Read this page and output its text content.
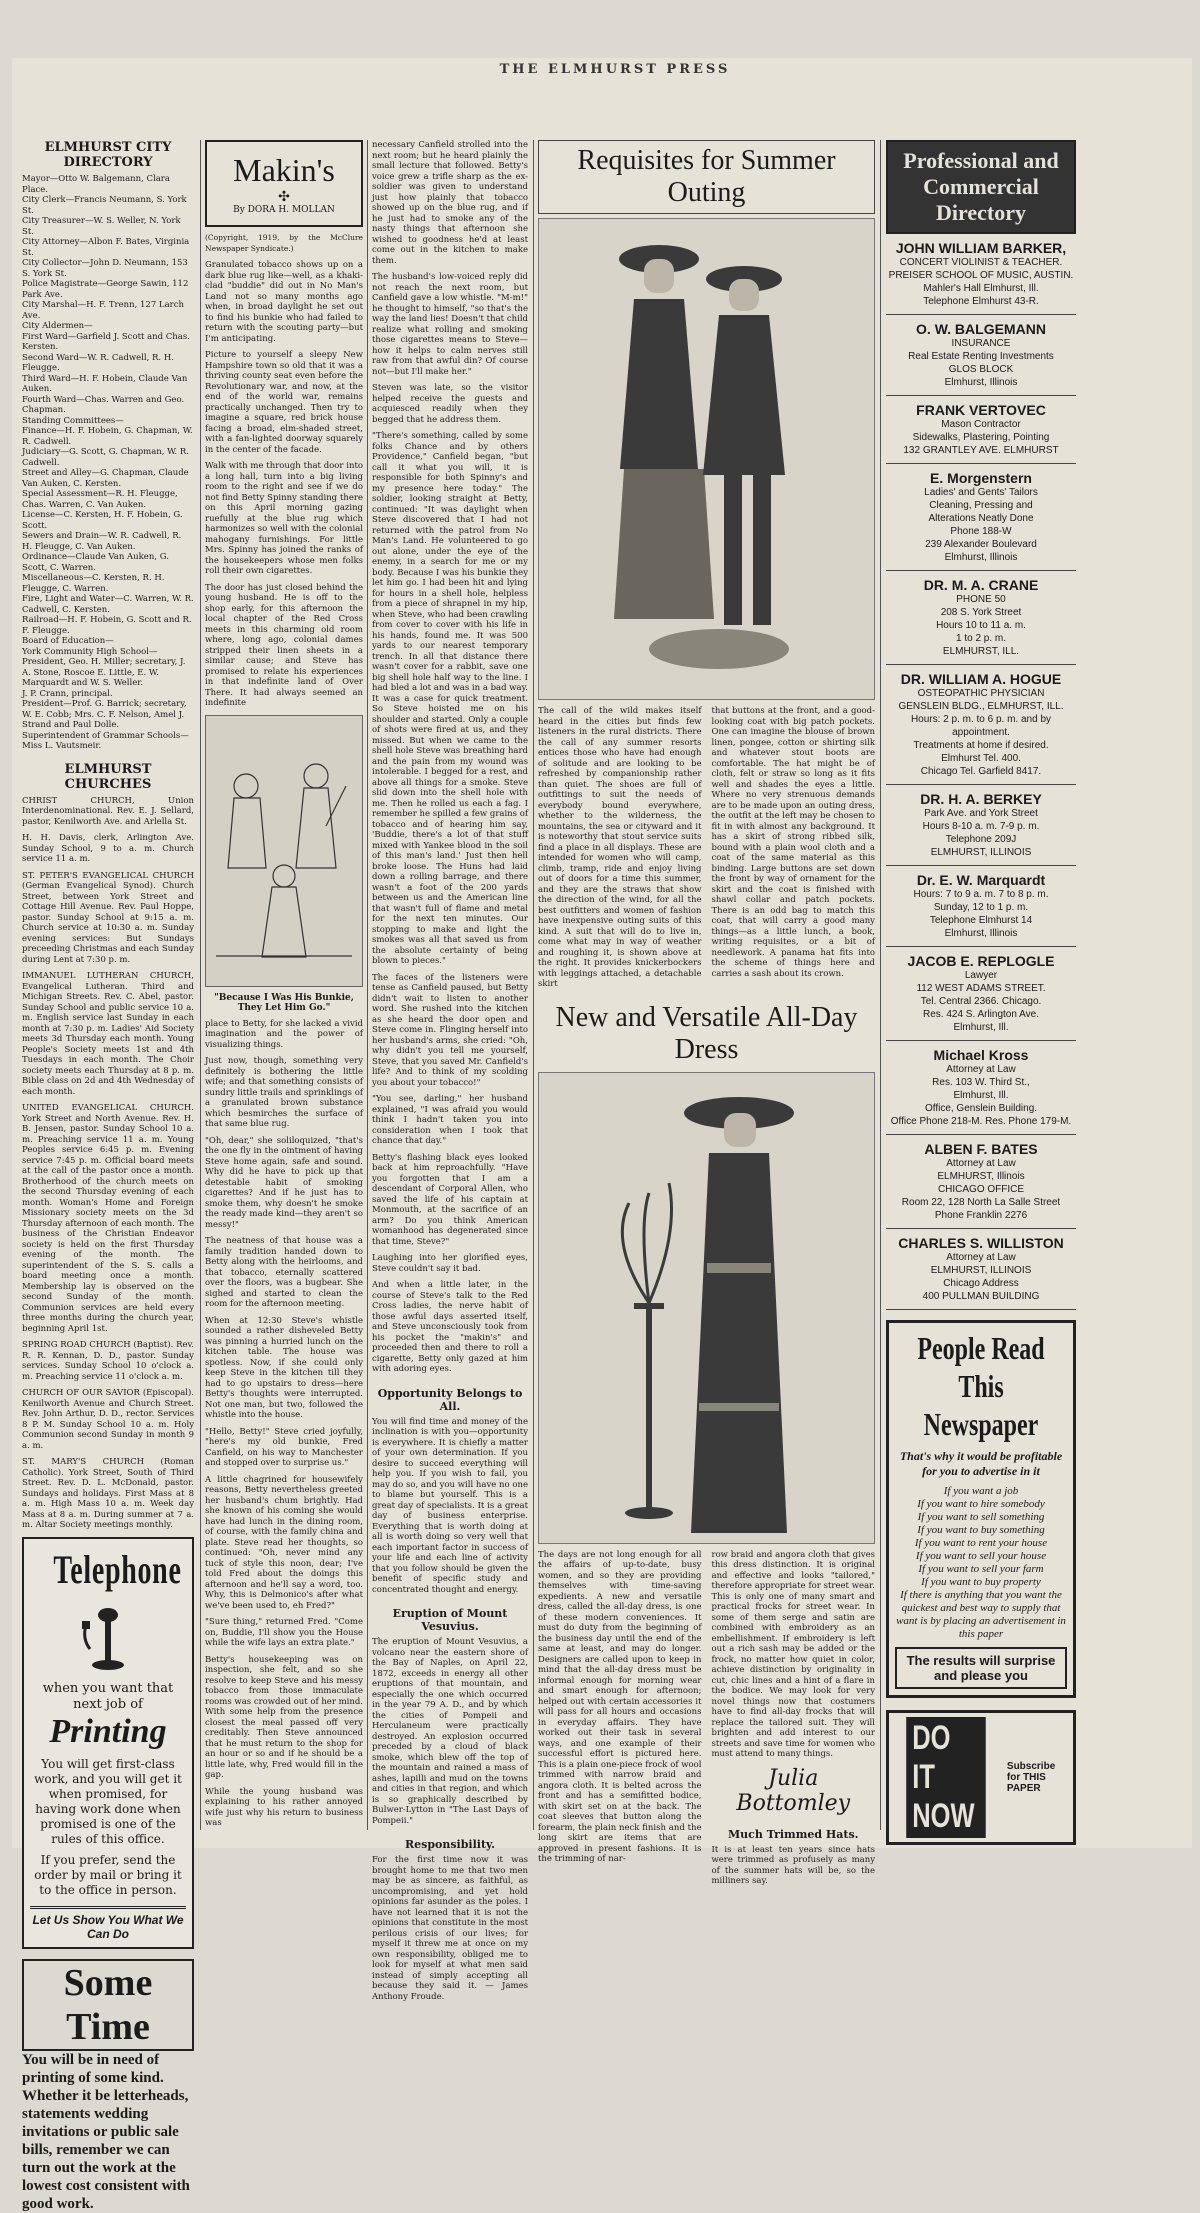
THE ELMHURST PRESS
ELMHURST CITY DIRECTORY

Mayor—Otto W. Balgemann, Clara Place.

City Clerk—Francis Neumann, S. York St.

City Treasurer—W. S. Weller, N. York St.

City Attorney—Albon F. Bates, Virginia St.

City Collector—John D. Neumann, 153 S. York St.

Police Magistrate—George Sawin, 112 Park Ave.

City Marshal—H. F. Trenn, 127 Larch Ave.

City Aldermen—

First Ward—Garfield J. Scott and Chas. Kersten.

Second Ward—W. R. Cadwell, R. H. Fleugge.

Third Ward—H. F. Hobein, Claude Van Auken.

Fourth Ward—Chas. Warren and Geo. Chapman.

Standing Committees—

Finance—H. F. Hobein, G. Chapman, W. R. Cadwell.

Judiciary—G. Scott, G. Chapman, W. R. Cadwell.

Street and Alley—G. Chapman, Claude Van Auken, C. Kersten.

Special Assessment—R. H. Fleugge, Chas. Warren, C. Van Auken.

License—C. Kersten, H. F. Hobein, G. Scott.

Sewers and Drain—W. R. Cadwell, R. H. Fleugge, C. Van Auken.

Ordinance—Claude Van Auken, G. Scott, C. Warren.

Miscellaneous—C. Kersten, R. H. Fleugge, C. Warren.

Fire, Light and Water—C. Warren, W. R. Cadwell, C. Kersten.

Railroad—H. F. Hobein, G. Scott and R. F. Fleugge.

Board of Education—

York Community High School—President, Geo. H. Miller; secretary, J. A. Stone, Roscoe E. Little, E. W. Marquardt and W. S. Weller.

J. P. Crann, principal.

President—Prof. G. Barrick; secretary, W. E. Cobb; Mrs. C. F. Nelson, Amel J. Strand and Paul Dolle.

Superintendent of Grammar Schools—Miss L. Vautsmeir.

ELMHURST CHURCHES

CHRIST CHURCH, Union Interdenominational. Rev. E. J. Sellard, pastor, Kenilworth Ave. and Arlella St.

H. H. Davis, clerk, Arlington Ave. Sunday School, 9 to a. m. Church service 11 a. m.

ST. PETER'S EVANGELICAL CHURCH (German Evangelical Synod). Church Street, between York Street and Cottage Hill Avenue. Rev. Paul Hoppe, pastor. Sunday School at 9:15 a. m. Church service at 10:30 a. m. Sunday evening services: But Sundays preceeding Christmas and each Sunday during Lent at 7:30 p. m.

IMMANUEL LUTHERAN CHURCH, Evangelical Lutheran. Third and Michigan Streets. Rev. C. Abel, pastor. Sunday School and public service 10 a. m. English service last Sunday in each month at 7:30 p. m. Ladies' Aid Society meets 3d Thursday each month. Young People's Society meets 1st and 4th Tuesdays in each month. The Choir society meets each Thursday at 8 p. m. Bible class on 2d and 4th Wednesday of each month.

UNITED EVANGELICAL CHURCH. York Street and North Avenue. Rev. H. B. Jensen, pastor. Sunday School 10 a. m. Preaching service 11 a. m. Young Peoples service 6:45 p. m. Evening service 7:45 p. m. Official board meets at the call of the pastor once a month. Brotherhood of the church meets on the second Thursday evening of each month. Woman's Home and Foreign Missionary society meets on the 3d Thursday afternoon of each month. The business of the Christian Endeavor society is held on the first Thursday evening of the month. The superintendent of the S. S. calls a board meeting once a month. Membership lay is observed on the second Sunday of the month. Communion services are held every three months during the church year, beginning April 1st.

SPRING ROAD CHURCH (Baptist). Rev. R. R. Kennan, D. D., pastor. Sunday services. Sunday School 10 o'clock a. m. Preaching service 11 o'clock a. m.

CHURCH OF OUR SAVIOR (Episcopal). Kenilworth Avenue and Church Street. Rev. John Arthur, D. D., rector. Services 8 P. M. Sunday School 10 a. m. Holy Communion second Sunday in month 9 a. m.

ST. MARY'S CHURCH (Roman Catholic). York Street, South of Third Street. Rev. D. L. McDonald, pastor. Sundays and holidays. First Mass at 8 a. m. High Mass 10 a. m. Week day Mass at 8 a. m. During summer at 7 a. m. Altar Society meetings monthly.

Telephone
when you want that next job of
Printing
You will get first-class work, and you will get it when promised, for having work done when promised is one of the rules of this office.
If you prefer, send the order by mail or bring it to the office in person.
Let Us Show You What We Can Do
Some Time
You will be in need of printing of some kind. Whether it be letterheads, statements wedding invitations or public sale bills, remember we can turn out the work at the lowest cost consistent with good work.
Makin's
✣
By DORA H. MOLLAN
(Copyright, 1919, by the McClure Newspaper Syndicate.)

Granulated tobacco shows up on a dark blue rug like—well, as a khaki-clad "buddie" did out in No Man's Land not so many months ago when, in broad daylight he set out to find his bunkie who had failed to return with the scouting party—but I'm anticipating.

Picture to yourself a sleepy New Hampshire town so old that it was a thriving county seat even before the Revolutionary war, and now, at the end of the world war, remains practically unchanged. Then try to imagine a square, red brick house facing a broad, elm-shaded street, with a fan-lighted doorway squarely in the center of the facade.

Walk with me through that door into a long hall, turn into a big living room to the right and see if we do not find Betty Spinny standing there on this April morning gazing ruefully at the blue rug which harmonizes so well with the colonial mahogany furnishings. For little Mrs. Spinny has joined the ranks of the housekeepers whose men folks roll their own cigarettes.

The door has just closed behind the young husband. He is off to the shop early, for this afternoon the local chapter of the Red Cross meets in this charming old room where, long ago, colonial dames stripped their linen sheets in a similar cause; and Steve has promised to relate his experiences in that indefinite land of Over There. It had always seemed an indefinite

"Because I Was His Bunkie, They Let Him Go."

place to Betty, for she lacked a vivid imagination and the power of visualizing things.

Just now, though, something very definitely is bothering the little wife; and that something consists of sundry little trails and sprinklings of a granulated brown substance which besmirches the surface of that same blue rug.

"Oh, dear," she soliloquized, "that's the one fly in the ointment of having Steve home again, safe and sound. Why did he have to pick up that detestable habit of smoking cigarettes? And if he just has to smoke them, why doesn't he smoke the ready made kind—they aren't so messy!"

The neatness of that house was a family tradition handed down to Betty along with the heirlooms, and that tobacco, eternally scattered over the floors, was a bugbear. She sighed and started to clean the room for the afternoon meeting.

When at 12:30 Steve's whistle sounded a rather disheveled Betty was pinning a hurried lunch on the kitchen table. The house was spotless. Now, if she could only keep Steve in the kitchen till they had to go upstairs to dress—here Betty's thoughts were interrupted. Not one man, but two, followed the whistle into the house.

"Hello, Betty!" Steve cried joyfully, "here's my old bunkie, Fred Canfield, on his way to Manchester and stopped over to surprise us."

A little chagrined for housewifely reasons, Betty nevertheless greeted her husband's chum brightly. Had she known of his coming she would have had lunch in the dining room, of course, with the family china and plate. Steve read her thoughts, so continued: "Oh, never mind any tuck of style this noon, dear; I've told Fred about the doings this afternoon and he'll say a word, too. Why, this is Delmonico's after what we've been used to, eh Fred?"

"Sure thing," returned Fred. "Come on, Buddie, I'll show you the House while the wife lays an extra plate."

Betty's housekeeping was on inspection, she felt, and so she resolve to keep Steve and his messy tobacco from those immaculate rooms was crowded out of her mind. With some help from the presence closest the meal passed off very creditably. Then Steve announced that he must return to the shop for an hour or so and if he should be a little late, why, Fred would fill in the gap.

While the young husband was explaining to his rather annoyed wife just why his return to business was

necessary Canfield strolled into the next room; but he heard plainly the small lecture that followed. Betty's voice grew a trifle sharp as the ex-soldier was given to understand just how plainly that tobacco showed up on the blue rug, and if he just had to smoke any of the nasty things that afternoon she wished to goodness he'd at least come out in the kitchen to make them.

The husband's low-voiced reply did not reach the next room, but Canfield gave a low whistle. "M-m!" he thought to himself, "so that's the way the land lies! Doesn't that child realize what rolling and smoking those cigarettes means to Steve—how it helps to calm nerves still raw from that awful din? Of course not—but I'll make her."

Steven was late, so the visitor helped receive the guests and acquiesced readily when they begged that he address them.

"There's something, called by some folks Chance and by others Providence," Canfield began, "but call it what you will, it is responsible for both Spinny's and my presence here today." The soldier, looking straight at Betty, continued: "It was daylight when Steve discovered that I had not returned with the patrol from No Man's Land. He volunteered to go out alone, under the eye of the enemy, in a search for me or my body. Because I was his bunkie they let him go. I had been hit and lying for hours in a shell hole, helpless from a piece of shrapnel in my hip, when Steve, who had been crawling from cover to cover with his life in his hands, found me. It was 500 yards to our nearest temporary trench. In all that distance there wasn't cover for a rabbit, save one big shell hole half way to the line. I had bled a lot and was in a bad way. It was a case for quick treatment. So Steve hoisted me on his shoulder and started. Only a couple of shots were fired at us, and they missed. But when we came to the shell hole Steve was breathing hard and the pain from my wound was intolerable. I begged for a rest, and above all things for a smoke. Steve slid down into the shell hole with me. Then he rolled us each a fag. I remember he spilled a few grains of tobacco and of hearing him say, 'Buddie, there's a lot of that stuff mixed with Yankee blood in the soil of this man's land.' Just then hell broke loose. The Huns had laid down a rolling barrage, and there wasn't a foot of the 200 yards between us and the American line that wasn't full of flame and metal for the next ten minutes. Our stopping to make and light the smokes was all that saved us from the absolute certainty of being blown to pieces."

The faces of the listeners were tense as Canfield paused, but Betty didn't wait to listen to another word. She rushed into the kitchen as she heard the door open and Steve come in. Flinging herself into her husband's arms, she cried: "Oh, why didn't you tell me yourself, Steve, that you saved Mr. Canfield's life? And to think of my scolding you about your tobacco!"

"You see, darling," her husband explained, "I was afraid you would think I hadn't taken you into consideration when I took that chance that day."

Betty's flashing black eyes looked back at him reproachfully. "Have you forgotten that I am a descendant of Corporal Allen, who saved the life of his captain at Monmouth, at the sacrifice of an arm? Do you think American womanhood has degenerated since that time, Steve?"

Laughing into her glorified eyes, Steve couldn't say it bad.

And when a little later, in the course of Steve's talk to the Red Cross ladies, the nerve habit of those awful days asserted itself, and Steve unconsciously took from his pocket the "makin's" and proceeded then and there to roll a cigarette, Betty only gazed at him with adoring eyes.

Opportunity Belongs to All.
You will find time and money of the inclination is with you—opportunity is everywhere. It is chiefly a matter of your own determination. If you desire to succeed everything will help you. If you wish to fail, you may do so, and you will have no one to blame but yourself. This is a great day of specialists. It is a great day of business enterprise. Everything that is worth doing at all is worth doing so very well that each important factor in success of your life and each line of activity that you follow should be given the benefit of specific study and concentrated thought and energy.
Eruption of Mount Vesuvius.
The eruption of Mount Vesuvius, a volcano near the eastern shore of the Bay of Naples, on April 22, 1872, exceeds in energy all other eruptions of that mountain, and especially the one which occurred in the year 79 A. D., and by which the cities of Pompeii and Herculaneum were practically destroyed. An explosion occurred preceded by a cloud of black smoke, which blew off the top of the mountain and rained a mass of ashes, lapilli and mud on the towns and cities in that region, and which is so graphically described by Bulwer-Lytton in "The Last Days of Pompeii."
Responsibility.
For the first time now it was brought home to me that two men may be as sincere, as faithful, as uncompromising, and yet hold opinions far asunder as the poles. I have not learned that it is not the opinions that constitute in the most perilous crisis of our lives; for myself it threw me at once on my own responsibility, obliged me to look for myself at what men said instead of simply accepting all because they said it. — James Anthony Froude.
Requisites for Summer Outing
The call of the wild makes itself heard in the cities but finds few listeners in the rural districts. There the call of any summer resorts entices those who have had enough of solitude and are looking to be refreshed by companionship rather than quiet. The shoes are full of outfittings to suit the needs of everybody bound everywhere, whether to the wilderness, the mountains, the sea or cityward and it is noteworthy that stout service suits find a place in all displays. These are intended for women who will camp, climb, tramp, ride and enjoy living out of doors for a time this summer, and they are the straws that show the direction of the wind, for all the best outfitters and women of fashion have inexpensive outing suits of this kind. A suit that will do to live in, come what may in way of weather and roughing it, is shown above at the right. It provides knickerbockers with leggings attached, a detachable skirt
that buttons at the front, and a good-looking coat with big patch pockets. One can imagine the blouse of brown linen, pongee, cotton or shirting silk and whatever stout boots are comfortable. The hat might be of cloth, felt or straw so long as it fits well and shades the eyes a little. Where no very strenuous demands are to be made upon an outing dress, the outfit at the left may be chosen to fit in with almost any background. It has a skirt of strong ribbed silk, bound with a plain wool cloth and a coat of the same material as this binding. Large buttons are set down the front by way of ornament for the skirt and the coat is finished with shawl collar and patch pockets. There is an odd bag to match this coat, that will carry a good many things—as a little lunch, a book, writing requisites, or a bit of needlework. A panama hat fits into the scheme of things here and carries a sash about its crown.
New and Versatile All-Day Dress
The days are not long enough for all the affairs of up-to-date, busy women, and so they are providing themselves with time-saving expedients. A new and versatile dress, called the all-day dress, is one of these modern conveniences. It must do duty from the beginning of the business day until the end of the same at least, and may do longer. Designers are called upon to keep in mind that the all-day dress must be informal enough for morning wear and smart enough for afternoon; helped out with certain accessories it will pass for all hours and occasions in everyday affairs. They have worked out their task in several ways, and one example of their successful effort is pictured here. This is a plain one-piece frock of wool trimmed with narrow braid and angora cloth. It is belted across the front and has a semifitted bodice, with skirt set on at the back. The coat sleeves that button along the forearm, the plain neck finish and the long skirt are items that are approved in present fashions. It is the trimming of nar-
row braid and angora cloth that gives this dress distinction. It is original and effective and looks "tailored," therefore appropriate for street wear. This is only one of many smart and practical frocks for street wear. In some of them serge and satin are combined with embroidery as an embellishment. If embroidery is left out a rich sash may be added or the frock, no matter how quiet in color, achieve distinction by originality in cut, chic lines and a hint of a flare in the bodice. We may look for very novel things now that costumers have to find all-day frocks that will replace the tailored suit. They will brighten and add interest to our streets and save time for women who must attend to many things.
Julia Bottomley
Much Trimmed Hats.
It is at least ten years since hats were trimmed as profusely as many of the summer hats will be, so the milliners say.
Professional and Commercial Directory
JOHN WILLIAM BARKER,
CONCERT VIOLINIST & TEACHER.
PREISER SCHOOL OF MUSIC, AUSTIN.
Mahler's Hall Elmhurst, Ill.
Telephone Elmhurst 43-R.
O. W. BALGEMANN
INSURANCE
Real Estate Renting Investments
GLOS BLOCK
Elmhurst, Illinois
FRANK VERTOVEC
Mason Contractor
Sidewalks, Plastering, Pointing
132 GRANTLEY AVE. ELMHURST
E. Morgenstern
Ladies' and Gents' Tailors
Cleaning, Pressing and
Alterations Neatly Done
Phone 188-W
239 Alexander Boulevard
Elmhurst, Illinois
DR. M. A. CRANE
PHONE 50
208 S. York Street
Hours 10 to 11 a. m.
1 to 2 p. m.
ELMHURST, ILL.
DR. WILLIAM A. HOGUE
OSTEOPATHIC PHYSICIAN
GENSLEIN BLDG., ELMHURST, ILL.
Hours: 2 p. m. to 6 p. m. and by appointment.
Treatments at home if desired.
Elmhurst Tel. 400.
Chicago Tel. Garfield 8417.
DR. H. A. BERKEY
Park Ave. and York Street
Hours 8-10 a. m. 7-9 p. m.
Telephone 209J
ELMHURST, ILLINOIS
Dr. E. W. Marquardt
Hours: 7 to 9 a. m. 7 to 8 p. m.
Sunday, 12 to 1 p. m.
Telephone Elmhurst 14
Elmhurst, Illinois
JACOB E. REPLOGLE
Lawyer
112 WEST ADAMS STREET.
Tel. Central 2366. Chicago.
Res. 424 S. Arlington Ave.
Elmhurst, Ill.
Michael Kross
Attorney at Law
Res. 103 W. Third St.,
Elmhurst, Ill.
Office, Genslein Building.
Office Phone 218-M. Res. Phone 179-M.
ALBEN F. BATES
Attorney at Law
ELMHURST, Illinois
CHICAGO OFFICE
Room 22, 128 North La Salle Street
Phone Franklin 2276
CHARLES S. WILLISTON
Attorney at Law
ELMHURST, ILLINOIS
Chicago Address
400 PULLMAN BUILDING
People Read This Newspaper
That's why it would be profitable for you to advertise in it
If you want a job
If you want to hire somebody
If you want to sell something
If you want to buy something
If you want to rent your house
If you want to sell your house
If you want to sell your farm
If you want to buy property
If there is anything that you want the quickest and best way to supply that want is by placing an advertisement in this paper
The results will surprise and please you
DO IT NOW
Subscribe for THIS PAPER
